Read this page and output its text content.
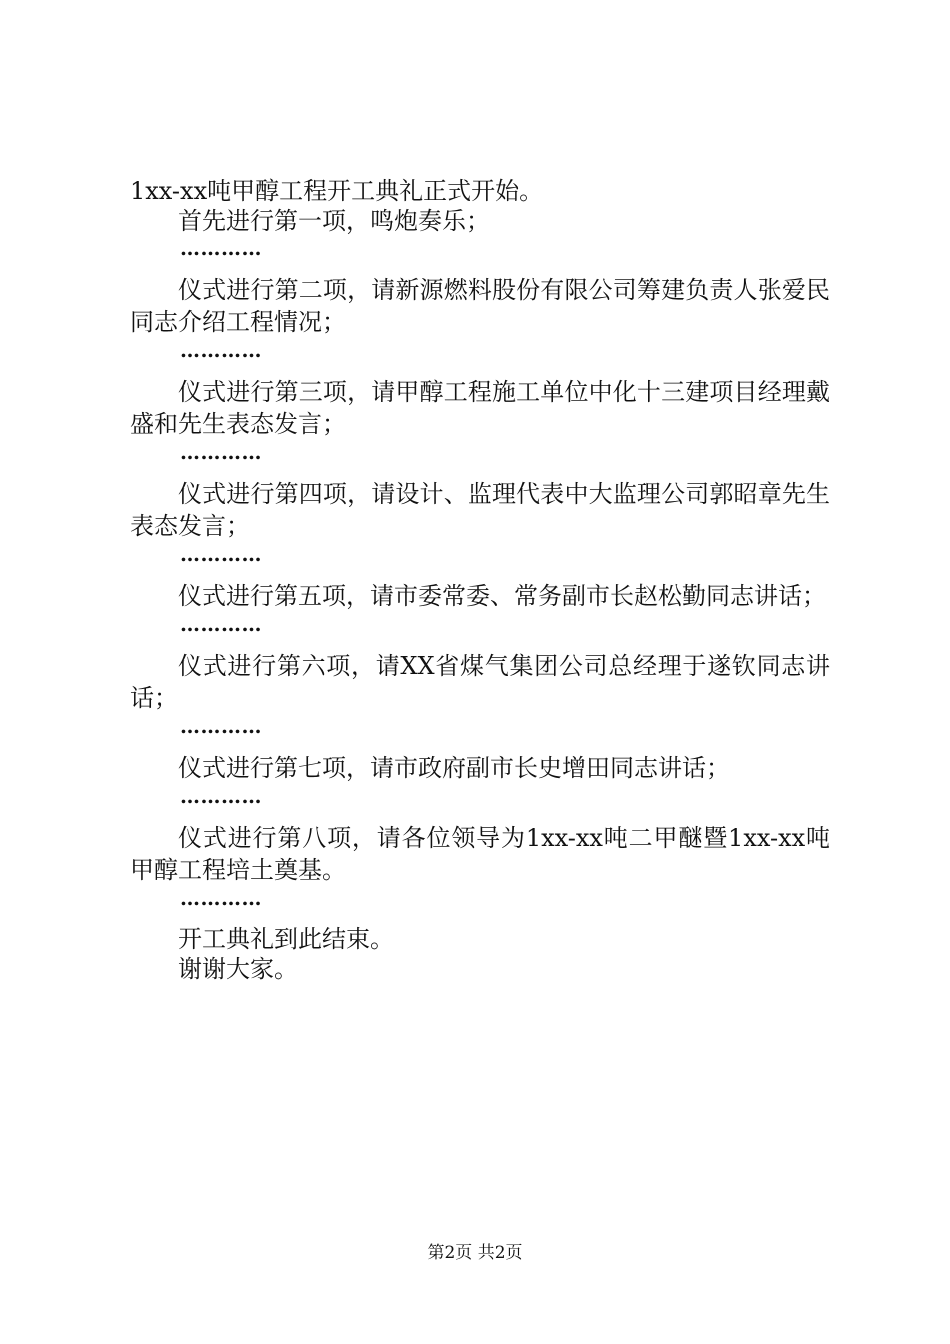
1xx-xx吨甲醇工程开工典礼正式开始。
首先进行第一项，鸣炮奏乐；
…………
仪式进行第二项，请新源燃料股份有限公司筹建负责人张爱民同志介绍工程情况；
…………
仪式进行第三项，请甲醇工程施工单位中化十三建项目经理戴盛和先生表态发言；
…………
仪式进行第四项，请设计、监理代表中大监理公司郭昭章先生表态发言；
…………
仪式进行第五项，请市委常委、常务副市长赵松勤同志讲话；
…………
仪式进行第六项，请XX省煤气集团公司总经理于遂钦同志讲话；
…………
仪式进行第七项，请市政府副市长史增田同志讲话；
…………
仪式进行第八项，请各位领导为1xx-xx吨二甲醚暨1xx-xx吨甲醇工程培土奠基。
…………
开工典礼到此结束。
谢谢大家。
第2页 共2页
